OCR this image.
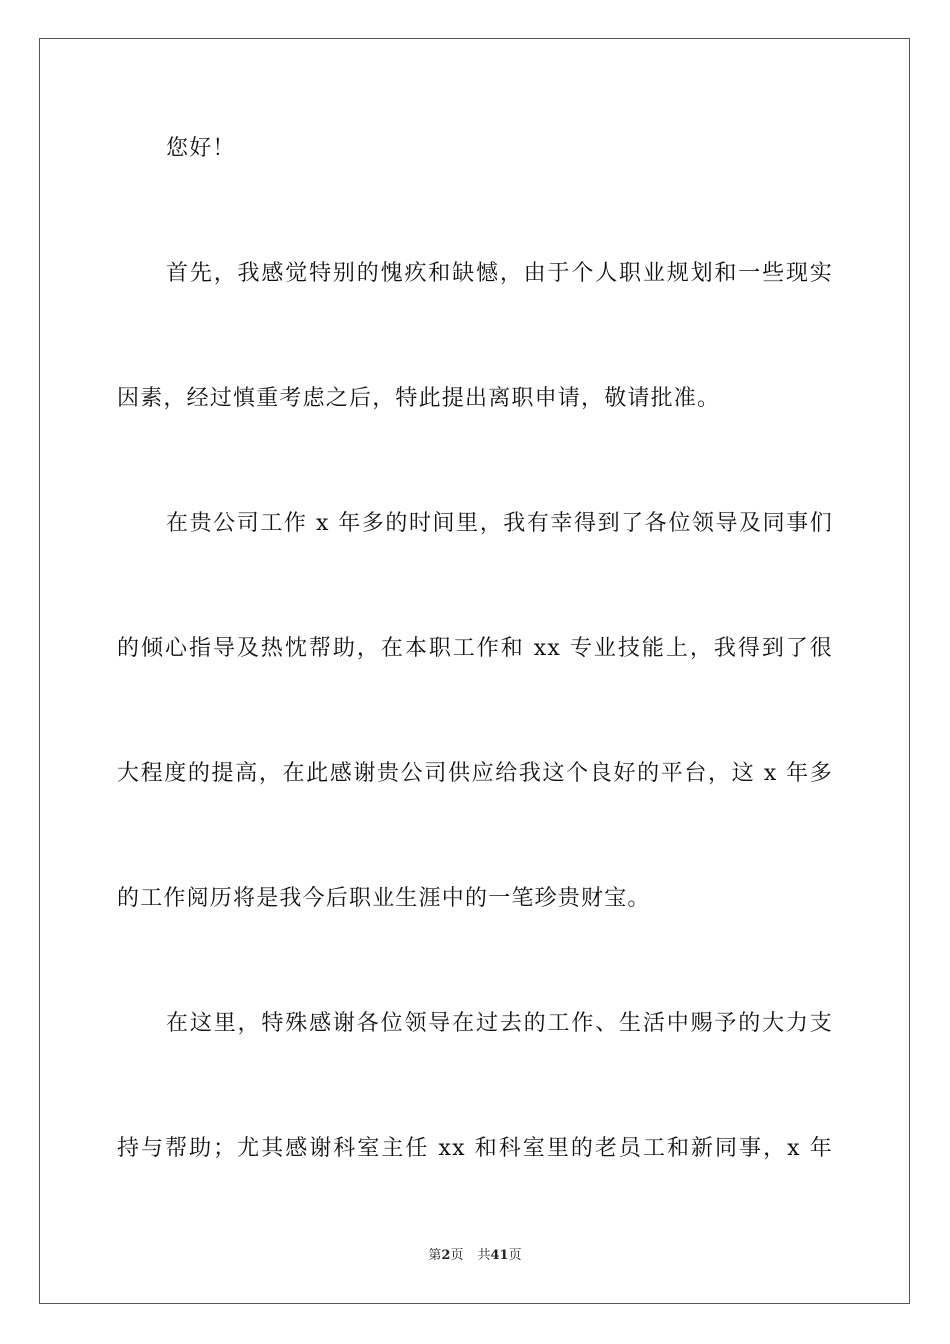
您好！
首先，我感觉特别的愧疚和缺憾，由于个人职业规划和一些现实
因素，经过慎重考虑之后，特此提出离职申请，敬请批准。
在贵公司工作 x 年多的时间里，我有幸得到了各位领导及同事们
的倾心指导及热忱帮助，在本职工作和 xx 专业技能上，我得到了很
大程度的提高，在此感谢贵公司供应给我这个良好的平台，这 x 年多
的工作阅历将是我今后职业生涯中的一笔珍贵财宝。
在这里，特殊感谢各位领导在过去的工作、生活中赐予的大力支
持与帮助；尤其感谢科室主任 xx 和科室里的老员工和新同事，x 年
第2页 共41页
